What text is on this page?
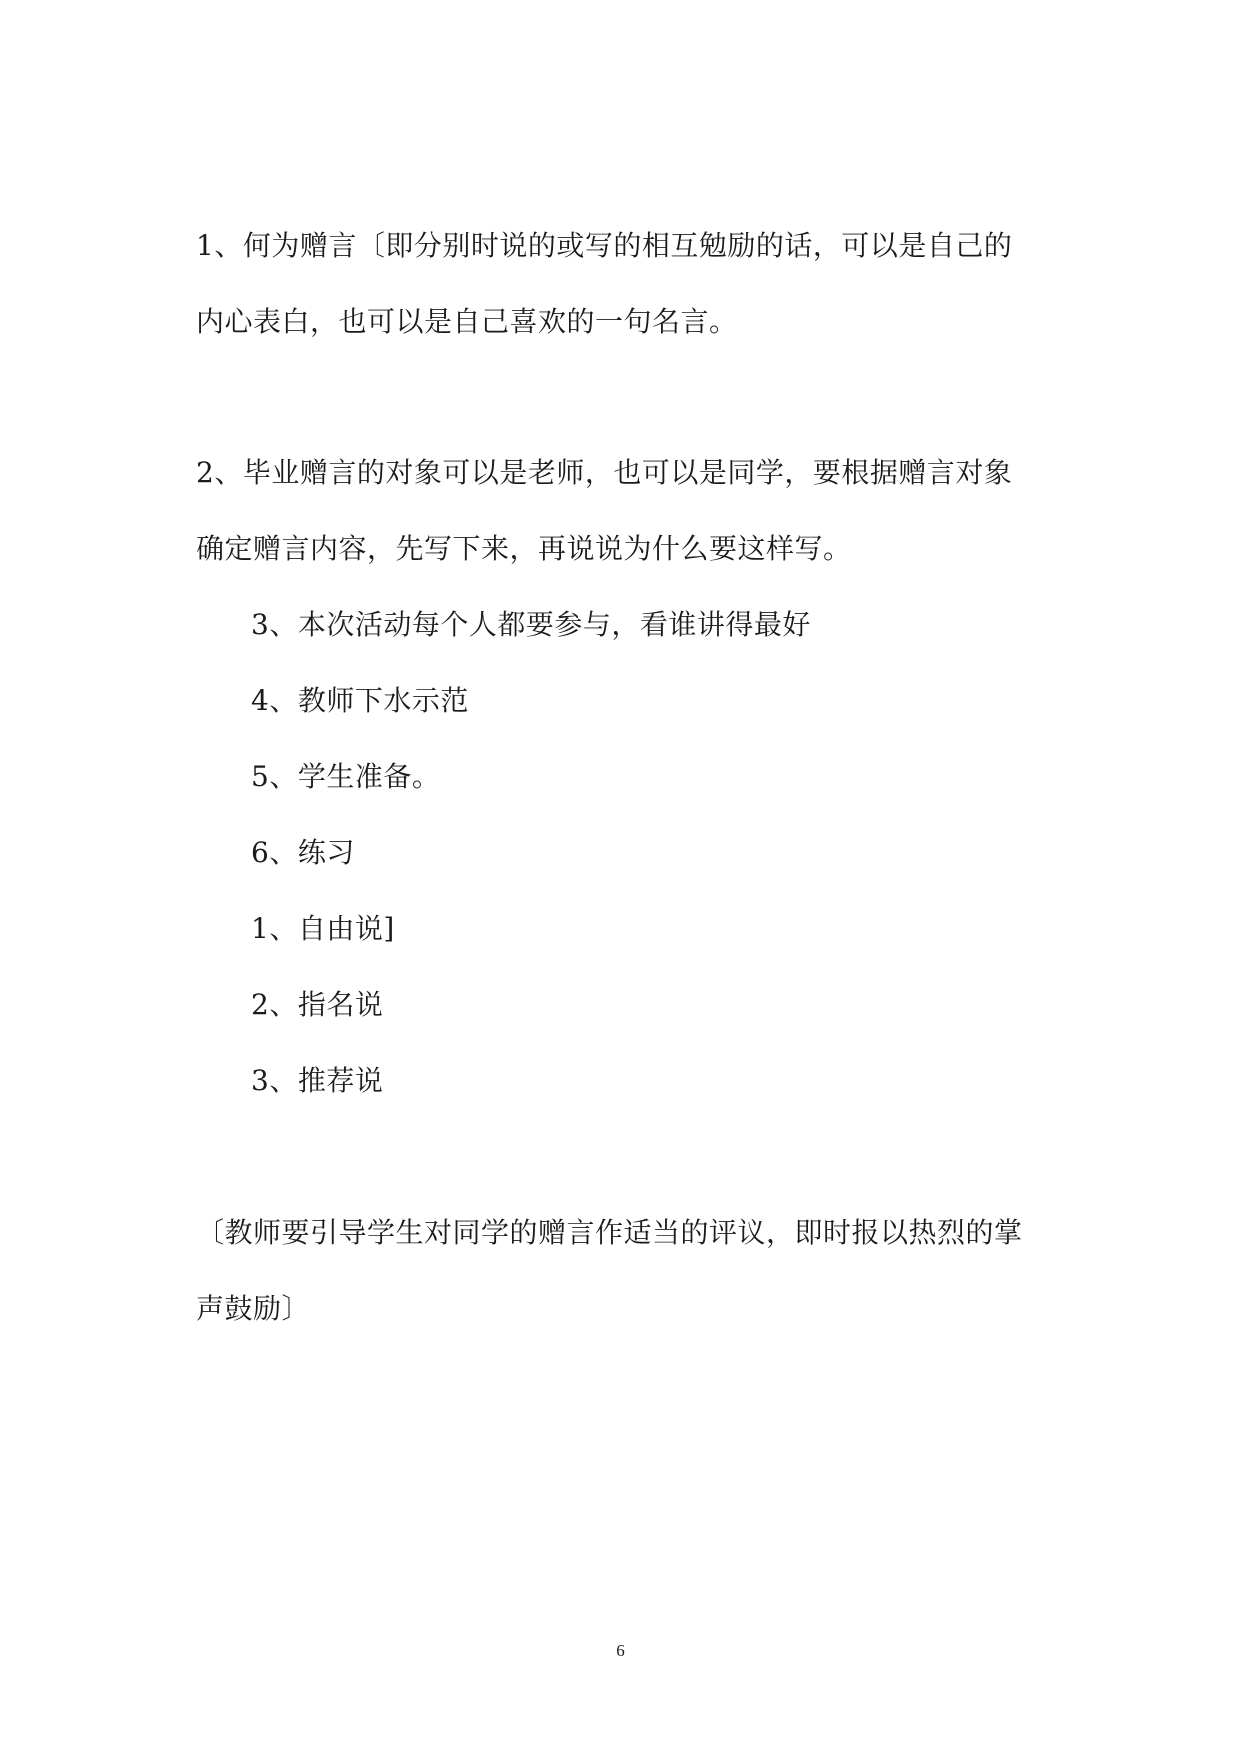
1、何为赠言〔即分别时说的或写的相互勉励的话，可以是自己的
内心表白，也可以是自己喜欢的一句名言。
2、毕业赠言的对象可以是老师，也可以是同学，要根据赠言对象
确定赠言内容，先写下来，再说说为什么要这样写。
3、本次活动每个人都要参与，看谁讲得最好
4、教师下水示范
5、学生准备。
6、练习
1、自由说]
2、指名说
3、推荐说
〔教师要引导学生对同学的赠言作适当的评议，即时报以热烈的掌
声鼓励〕
6
